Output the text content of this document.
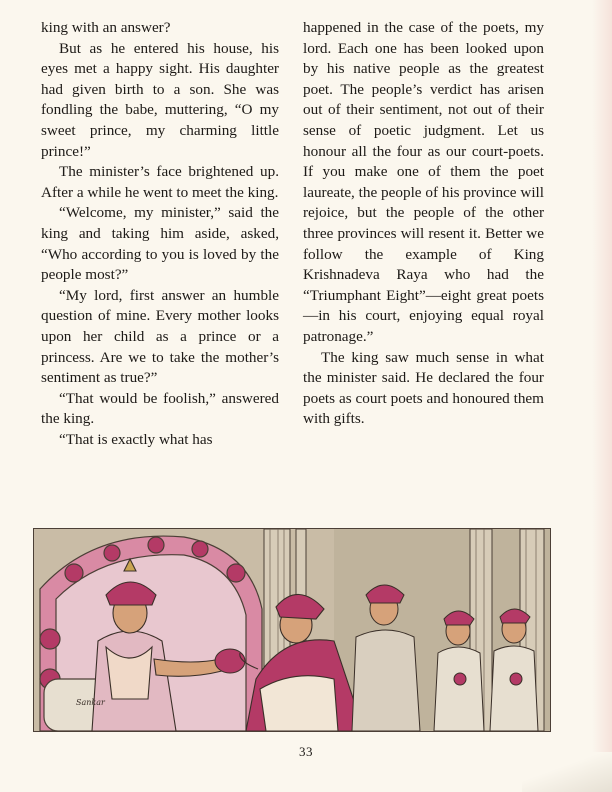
king with an answer?

But as he entered his house, his eyes met a happy sight. His daughter had given birth to a son. She was fondling the babe, muttering, “O my sweet prince, my charming little prince!”

The minister’s face brightened up. After a while he went to meet the king.

“Welcome, my minister,” said the king and taking him aside, asked, “Who according to you is loved by the people most?”

“My lord, first answer an humble question of mine. Every mother looks upon her child as a prince or a princess. Are we to take the mother’s sentiment as true?”

“That would be foolish,” answered the king.

“That is exactly what has

happened in the case of the poets, my lord. Each one has been looked upon by his native people as the greatest poet. The people’s verdict has arisen out of their sentiment, not out of their sense of poetic judgment. Let us honour all the four as our court-poets. If you make one of them the poet laureate, the people of his province will rejoice, but the people of the other three provinces will resent it. Better we follow the example of King Krishnadeva Raya who had the “Triumphant Eight”—eight great poets—in his court, enjoying equal royal patronage.”

The king saw much sense in what the minister said. He declared the four poets as court poets and honoured them with gifts.

Sankar
33
